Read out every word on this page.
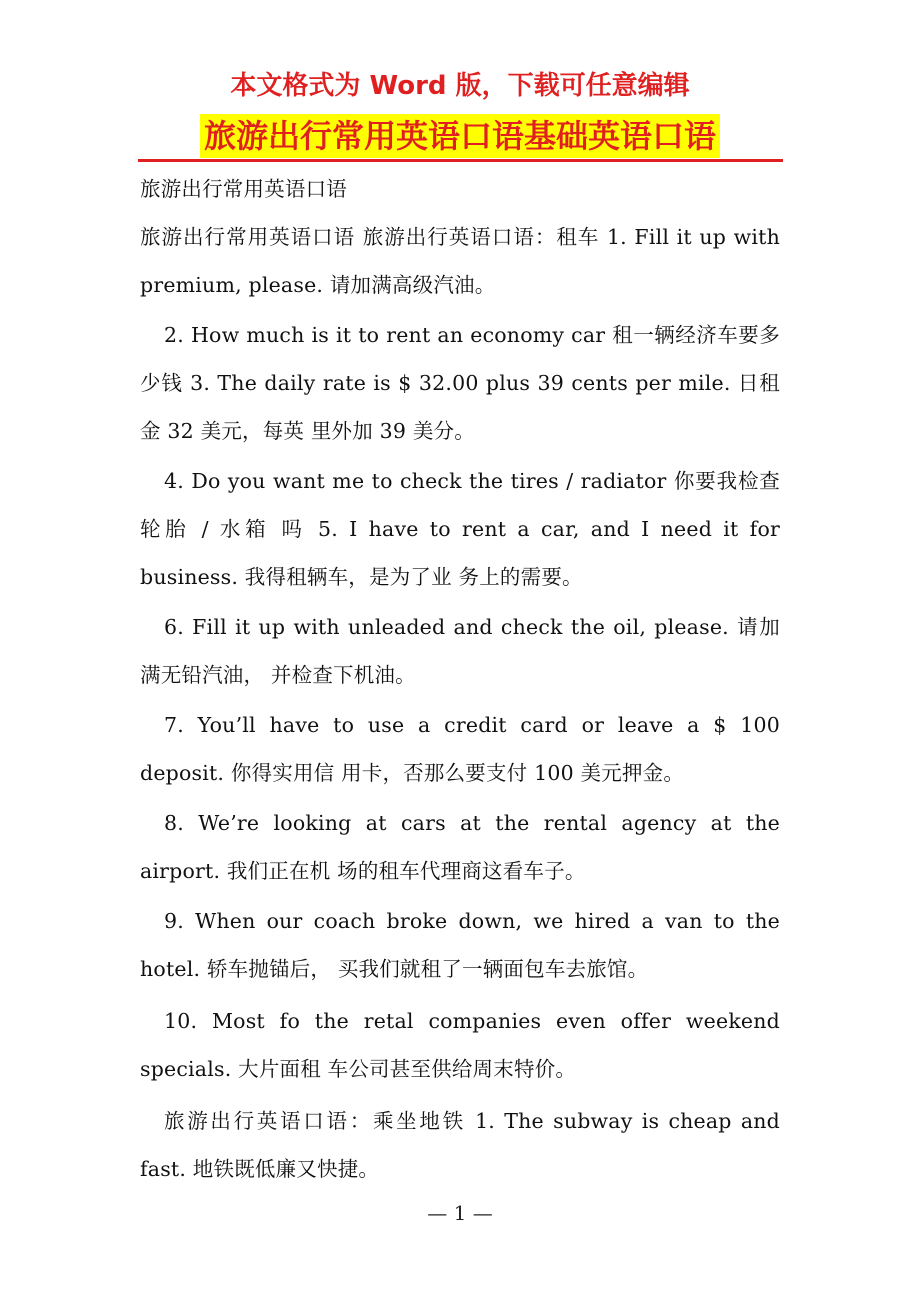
本文格式为 Word 版，下载可任意编辑
旅游出行常用英语口语基础英语口语

旅游出行常用英语口语

旅游出行常用英语口语 旅游出行英语口语：租车 1. Fill it up with premium, please. 请加满高级汽油。

2. How much is it to rent an economy car 租一辆经济车要多少钱 3. The daily rate is $ 32.00 plus 39 cents per mile. 日租金 32 美元，每英 里外加 39 美分。

4. Do you want me to check the tires / radiator 你要我检查轮胎 / 水箱 吗 5. I have to rent a car, and I need it for business. 我得租辆车，是为了业 务上的需要。

6. Fill it up with unleaded and check the oil, please. 请加满无铅汽油， 并检查下机油。

7. You’ll have to use a credit card or leave a $ 100 deposit. 你得实用信 用卡，否那么要支付 100 美元押金。

8. We’re looking at cars at the rental agency at the airport. 我们正在机 场的租车代理商这看车子。

9. When our coach broke down, we hired a van to the hotel. 轿车抛锚后， 买我们就租了一辆面包车去旅馆。

10. Most fo the retal companies even offer weekend specials. 大片面租 车公司甚至供给周末特价。

旅游出行英语口语：乘坐地铁 1. The subway is cheap and fast. 地铁既低廉又快捷。

— 1 —
